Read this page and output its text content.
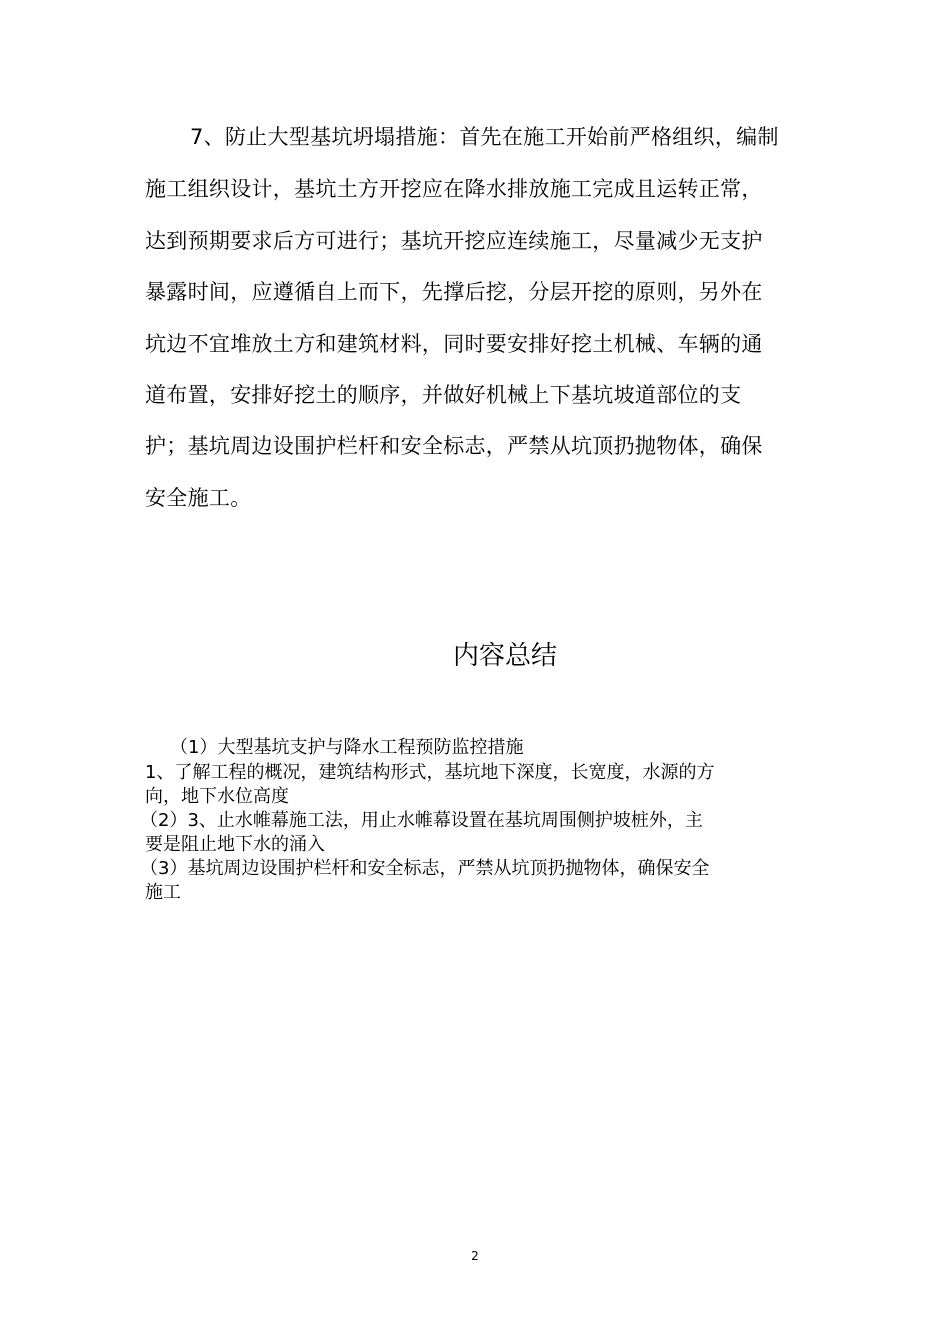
7、防止大型基坑坍塌措施：首先在施工开始前严格组织，编制
施工组织设计，基坑土方开挖应在降水排放施工完成且运转正常，
达到预期要求后方可进行；基坑开挖应连续施工，尽量减少无支护
暴露时间，应遵循自上而下，先撑后挖，分层开挖的原则，另外在
坑边不宜堆放土方和建筑材料，同时要安排好挖土机械、车辆的通
道布置，安排好挖土的顺序，并做好机械上下基坑坡道部位的支
护；基坑周边设围护栏杆和安全标志，严禁从坑顶扔抛物体，确保
安全施工。
内容总结
（1）大型基坑支护与降水工程预防监控措施
1、了解工程的概况，建筑结构形式，基坑地下深度，长宽度，水源的方
向，地下水位高度
（2）3、止水帷幕施工法，用止水帷幕设置在基坑周围侧护坡桩外，主
要是阻止地下水的涌入
（3）基坑周边设围护栏杆和安全标志，严禁从坑顶扔抛物体，确保安全
施工
2
